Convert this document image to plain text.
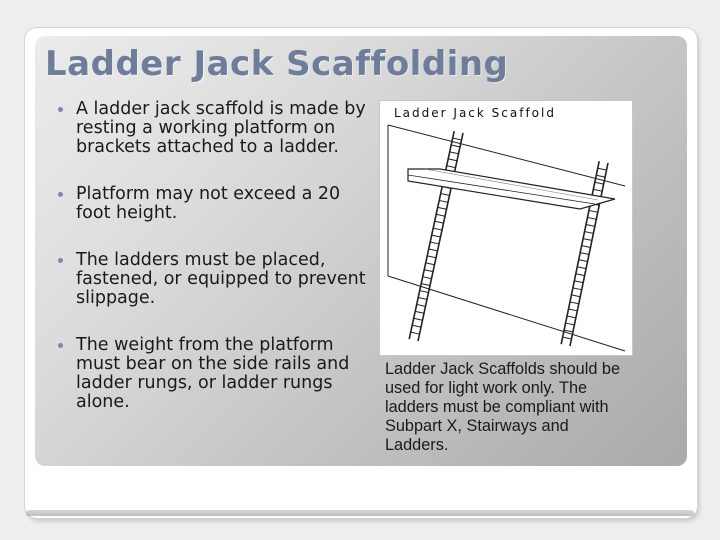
Ladder Jack Scaffolding
A ladder jack scaffold is made by resting a working platform on brackets attached to a ladder.
Platform may not exceed a 20 foot height.
The ladders must be placed, fastened, or equipped to prevent slippage.
The weight from the platform must bear on the side rails and ladder rungs, or ladder rungs alone.
Ladder Jack Scaffold
Ladder Jack Scaffolds should be used for light work only. The ladders must be compliant with Subpart X, Stairways and Ladders.
